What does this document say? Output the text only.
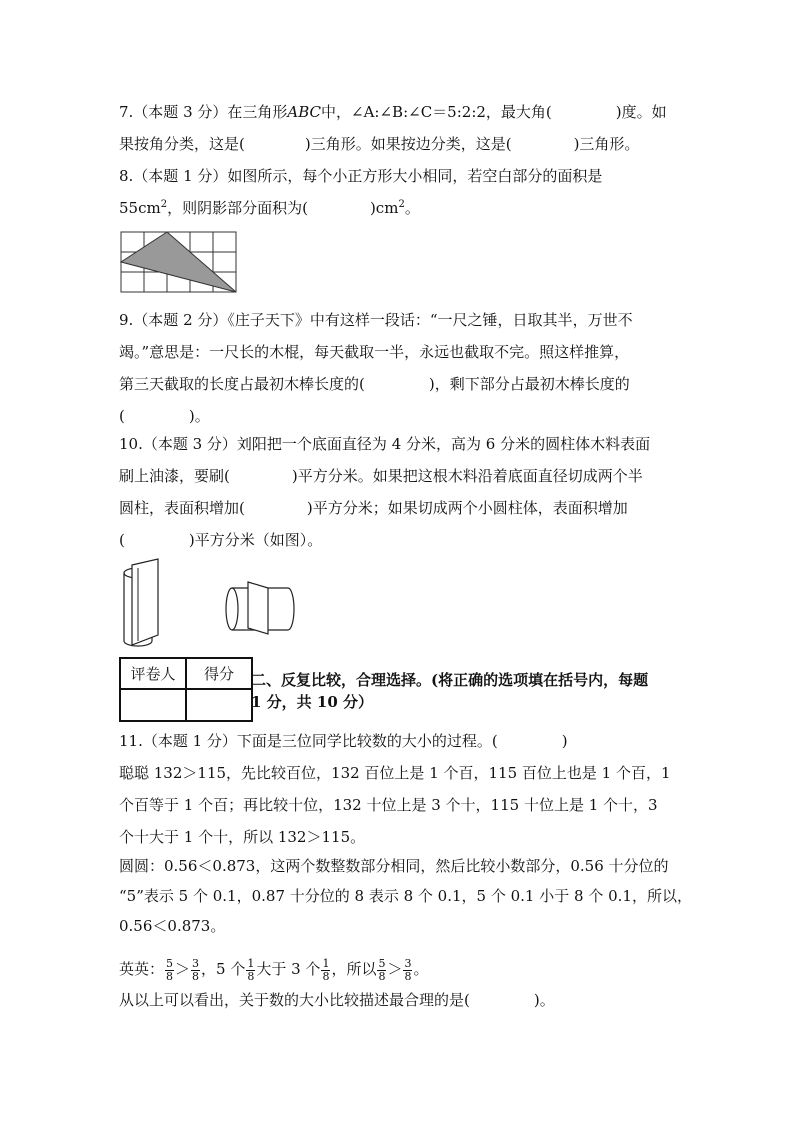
7.（本题 3 分）在三角形ABC中，∠A:∠B:∠C＝5:2:2，最大角(	)度。如
果按角分类，这是(	)三角形。如果按边分类，这是(	)三角形。
8.（本题 1 分）如图所示，每个小正方形大小相同，若空白部分的面积是
$55cm^2$，则阴影部分面积为(	)$cm^2$。
9.（本题 2 分）《庄子天下》中有这样一段话：“一尺之锤，日取其半，万世不
竭。”意思是：一尺长的木棍，每天截取一半，永远也截取不完。照这样推算，
第三天截取的长度占最初木棒长度的(	)，剩下部分占最初木棒长度的
(	)。
10.（本题 3 分）刘阳把一个底面直径为 4 分米，高为 6 分米的圆柱体木料表面
刷上油漆，要刷(	)平方分米。如果把这根木料沿着底面直径切成两个半
圆柱，表面积增加(	)平方分米；如果切成两个小圆柱体，表面积增加
(	)平方分米（如图）。
评卷人	得分
	二、反复比较，合理选择。(将正确的选项填在括号内，每题
1 分，共 10 分）
11.（本题 1 分）下面是三位同学比较数的大小的过程。(	)
聪聪 132＞115，先比较百位，132 百位上是 1 个百，115 百位上也是 1 个百，1
个百等于 1 个百；再比较十位，132 十位上是 3 个十，115 十位上是 1 个十，3
个十大于 1 个十，所以 132＞115。
圆圆：0.56＜0.873，这两个数整数部分相同，然后比较小数部分，0.56 十分位的
“5”表示 5 个 0.1，0.87 十分位的 8 表示 8 个 0.1，5 个 0.1 小于 8 个 0.1，所以，
0.56＜0.873。
英英： $\frac{5}{8} > \frac{3}{8}$ ，5 个 $\frac{1}{8}$ 大于 3 个 $\frac{1}{8}$ ，所以 $\frac{5}{8} > \frac{3}{8}$ 。
从以上可以看出，关于数的大小比较描述最合理的是(	)。
